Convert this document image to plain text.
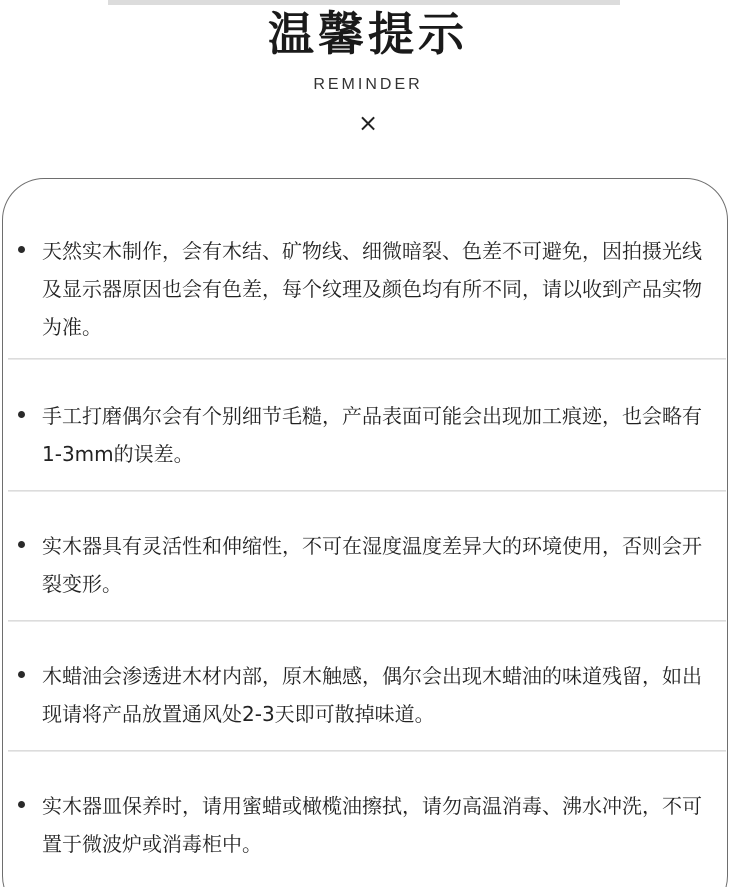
温馨提示
REMINDER
×
天然实木制作，会有木结、矿物线、细微暗裂、色差不可避免，因拍摄光线及显示器原因也会有色差，每个纹理及颜色均有所不同，请以收到产品实物为准。
手工打磨偶尔会有个别细节毛糙，产品表面可能会出现加工痕迹，也会略有1-3mm的误差。
实木器具有灵活性和伸缩性，不可在湿度温度差异大的环境使用，否则会开裂变形。
木蜡油会渗透进木材内部，原木触感，偶尔会出现木蜡油的味道残留，如出现请将产品放置通风处2-3天即可散掉味道。
实木器皿保养时，请用蜜蜡或橄榄油擦拭，请勿高温消毒、沸水冲洗，不可置于微波炉或消毒柜中。
